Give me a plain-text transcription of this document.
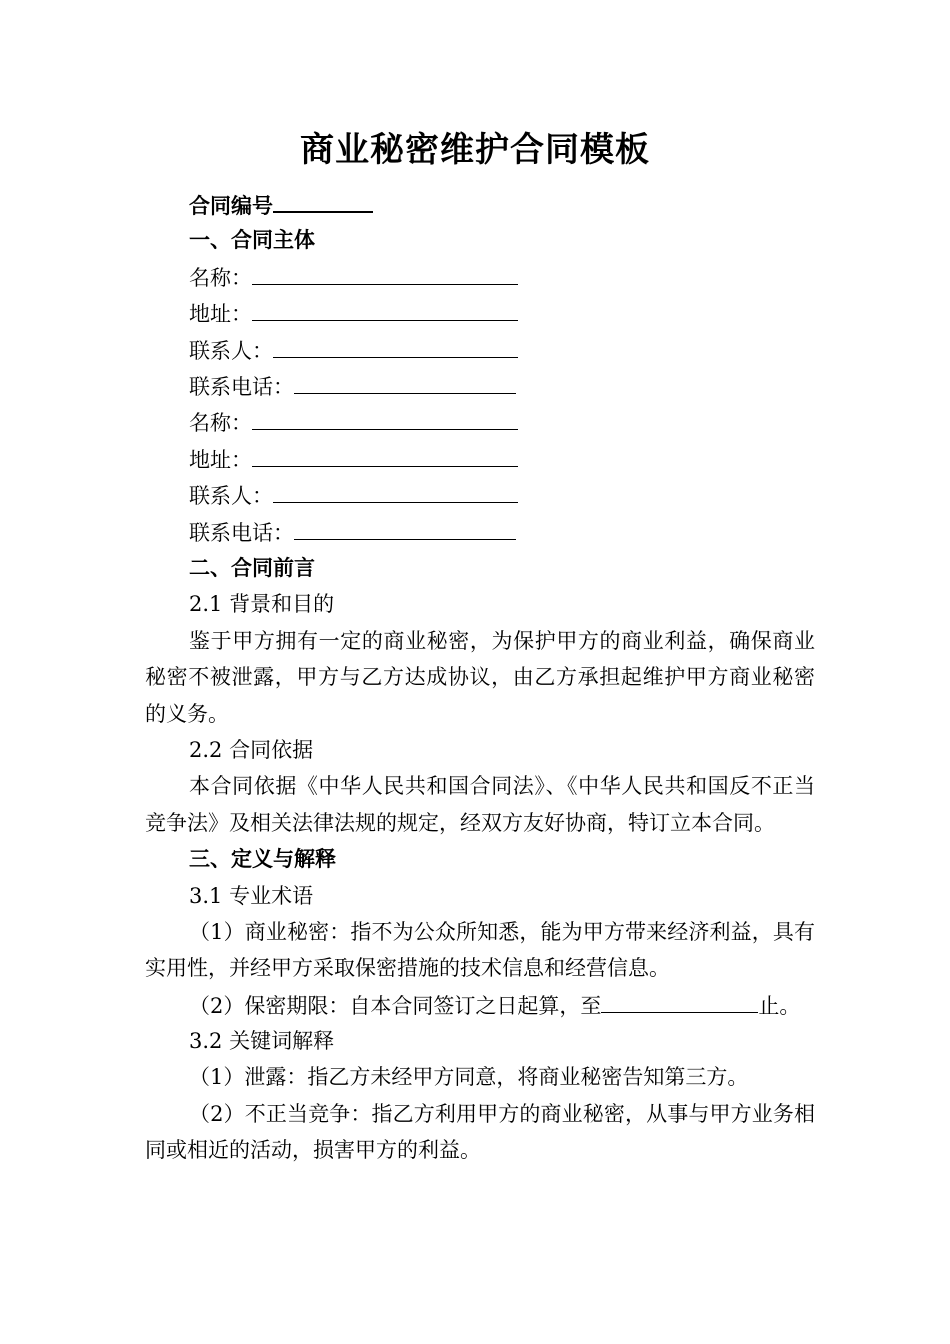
商业秘密维护合同模板
合同编号
一、合同主体
名称：
地址：
联系人：
联系电话：
名称：
地址：
联系人：
联系电话：
二、合同前言
2.1 背景和目的
鉴于甲方拥有一定的商业秘密，为保护甲方的商业利益，确保商业秘密不被泄露，甲方与乙方达成协议，由乙方承担起维护甲方商业秘密的义务。
2.2 合同依据
本合同依据《中华人民共和国合同法》、《中华人民共和国反不正当竞争法》及相关法律法规的规定，经双方友好协商，特订立本合同。
三、定义与解释
3.1 专业术语
（1）商业秘密：指不为公众所知悉，能为甲方带来经济利益，具有实用性，并经甲方采取保密措施的技术信息和经营信息。
（2）保密期限：自本合同签订之日起算，至	止。
3.2 关键词解释
（1）泄露：指乙方未经甲方同意，将商业秘密告知第三方。
（2）不正当竞争：指乙方利用甲方的商业秘密，从事与甲方业务相同或相近的活动，损害甲方的利益。
